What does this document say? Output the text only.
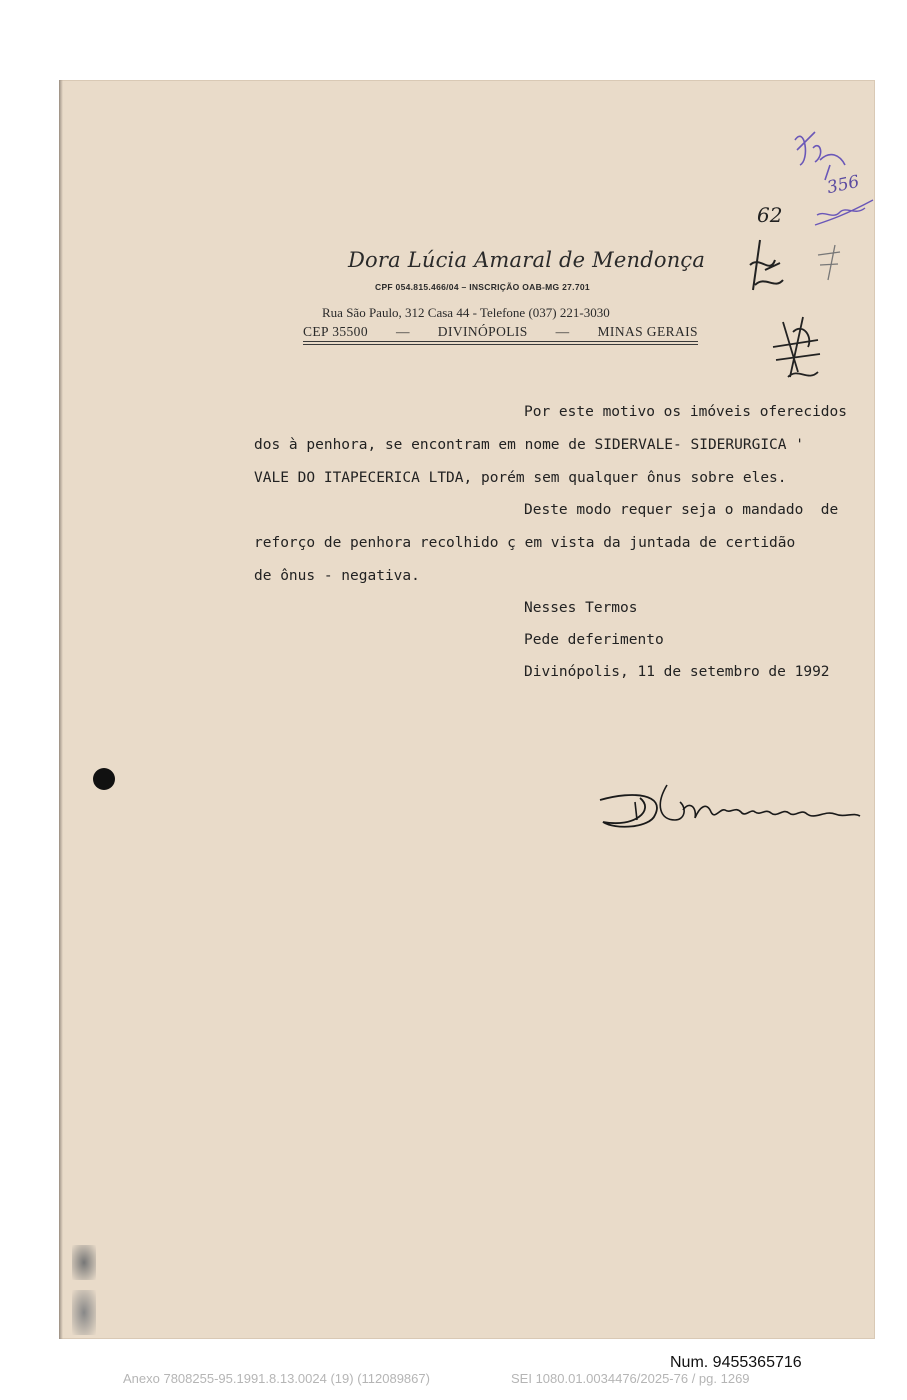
Dora Lúcia Amaral de Mendonça
CPF 054.815.466/04 – INSCRIÇÃO OAB-MG 27.701
Rua São Paulo, 312 Casa 44 - Telefone (037) 221-3030
CEP 35500 — DIVINÓPOLIS — MINAS GERAIS
62
356
Por este motivo os imóveis oferecidos
dos à penhora, se encontram em nome de SIDERVALE- SIDERURGICA '
VALE DO ITAPECERICA LTDA, porém sem qualquer ônus sobre eles.
Deste modo requer seja o mandado  de
reforço de penhora recolhido ç em vista da juntada de certidão
de ônus - negativa.
Nesses Termos
Pede deferimento
Divinópolis, 11 de setembro de 1992
Num. 9455365716
Anexo 7808255-95.1991.8.13.0024 (19) (112089867)	SEI 1080.01.0034476/2025-76 / pg. 1269
